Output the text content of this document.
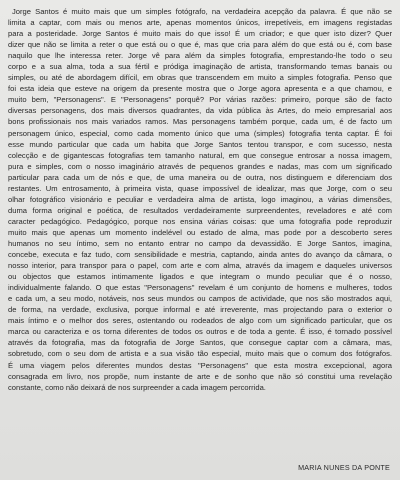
Jorge Santos é muito mais que um simples fotógrafo, na verdadeira acepção da palavra. É que não se
limita a captar, com mais ou menos arte, apenas momentos únicos, irrepetíveis, em imagens registadas
para a posteridade. Jorge Santos é muito mais do que isso! É um criador; e que quer isto dizer? Quer
dizer que não se limita a reter o que está ou o que é, mas que cria para além do que está ou é, com base
naquilo que lhe interessa reter. Jorge vê para além da simples fotografia, emprestando-lhe todo o seu
corpo e a sua alma, toda a sua fértil e pródiga imaginação de artista, transformando temas banais ou
simples, ou até de abordagem difícil, em obras que transcendem em muito a simples fotografia. Penso que
foi esta ideia que esteve na origem da presente mostra que o Jorge agora apresenta e a que chamou, e
muito bem, "Personagens". E "Personagens" porquê? Por várias razões: primeiro, porque são de facto
diversas personagens, dos mais diversos quadrantes, da vida pública às Artes, do meio empresarial aos
bons profissionais nos mais variados ramos. Mas personagens também porque, cada um, é de facto um
personagem único, especial, como cada momento único que uma (simples) fotografia tenta captar. É foi
esse mundo particular que cada um habita que Jorge Santos tentou transpor, e com sucesso, nesta
colecção e de gigantescas fotografias tem tamanho natural, em que consegue entrosar a nossa imagem,
pura e simples, com o nosso imaginário através de pequenos grandes e nadas, mas com um significado
particular para cada um de nós e que, de uma maneira ou de outra, nos distinguem e diferenciam dos
restantes. Um entrosamento, à primeira vista, quase impossível de idealizar, mas que Jorge, com o seu
olhar fotográfico visionário e peculiar e verdadeira alma de artista, logo imaginou, a várias dimensões,
duma forma original e poética, de resultados verdadeiramente surpreendentes, reveladores e até com
caracter pedagógico. Pedagógico, porque nos ensina várias coisas: que uma fotografia pode reproduzir
muito mais que apenas um momento indelével ou estado de alma, mas pode por a descoberto seres
humanos no seu íntimo, sem no entanto entrar no campo da devassidão. E Jorge Santos, imagina,
concebe, executa e faz tudo, com sensibilidade e mestria, captando, ainda antes do avanço da câmara, o
nosso interior, para transpor para o papel, com arte e com alma, através da imagem e daqueles universos
ou objectos que estamos intimamente ligados e que integram o mundo peculiar que é o nosso,
individualmente falando. O que estas "Personagens" revelam é um conjunto de homens e mulheres, todos
e cada um, a seu modo, notáveis, nos seus mundos ou campos de actividade, que nos são mostrados aqui,
de forma, na verdade, exclusiva, porque informal e até irreverente, mas projectando para o exterior o
mais íntimo e o melhor dos seres, ostentando ou rodeados de algo com um significado particular, que os
marca ou caracteriza e os torna diferentes de todos os outros e de toda a gente. É isso, é tornado possível
através da fotografia, mas da fotografia de Jorge Santos, que consegue captar com a câmara, mas,
sobretudo, com o seu dom de artista e a sua visão tão especial, muito mais que o comum dos fotógrafos.
É uma viagem pelos diferentes mundos destas "Personagens" que esta mostra excepcional, agora
consagrada em livro, nos propõe, num instante de arte e de sonho que não só constitui uma revelação
constante, como não deixará de nos surpreender a cada imagem percorrida.

MARIA NUNES DA PONTE
